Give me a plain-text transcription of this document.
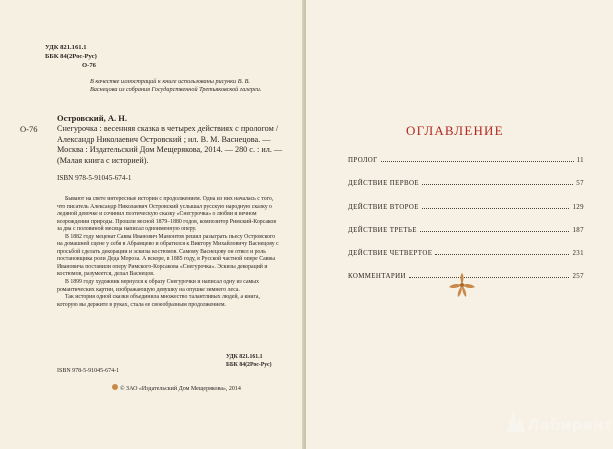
УДК 821.161.1
ББК 84(2Рос-Рус)
О-76
В качестве иллюстраций к книге использованы рисунки В. В. Васнецова из собрания Государственной Третьяковской галереи.
Островский, А. Н.
О-76 Снегурочка : весенняя сказка в четырех действиях с прологом / Александр Николаевич Островский ; ил. В. М. Васнецова. — Москва : Издательский Дом Мещерякова, 2014. — 280 с. : ил. — (Малая книга с историей).
ISBN 978-5-91045-674-1

Бывают на свете интересные истории с продолжением. Одна из них началась с того, что писатель Александр Николаевич Островский услышал русскую народную сказку о ледяной девочке и сочинил поэтическую сказку «Снегурочка» о любви и вечном возрождении природы. Прошли весной 1879–1880 годов, композитор Римский-Корсаков за два с половиной месяца написал одноименную оперу.

В 1882 году меценат Савва Иванович Мамонтов решил разыграть пьесу Островского на домашней сцене у себя в Абрамцево и обратился к Виктору Михайловичу Васнецову с просьбой сделать декорации и эскизы костюмов. Самому Васнецову он отвел и роль постановщика роли Деда Мороза. А вскоре, в 1885 году, в Русской частной опере Саввы Ивановича поставили оперу Римского-Корсакова «Снегурочка». Эскизы декораций и костюмов, разумеется, делал Васнецов.

В 1899 году художник вернулся к образу Снегурочки и написал одну из самых романтических картин, изображающую девушку на опушке зимнего леса.

Так история одной сказки объединила множество талантливых людей, а книга, которую вы держите в руках, стала ее своеобразным продолжением.

УДК 821.161.1
ББК 84(2Рос-Рус)
ISBN 978-5-91045-674-1
© ЗАО «Издательский Дом Мещерякова», 2014
ОГЛАВЛЕНИЕ
ПРОЛОГ	11
ДЕЙСТВИЕ ПЕРВОЕ	57
ДЕЙСТВИЕ ВТОРОЕ	129
ДЕЙСТВИЕ ТРЕТЬЕ	187
ДЕЙСТВИЕ ЧЕТВЕРТОЕ	231
КОММЕНТАРИИ	257
Лабиринт
